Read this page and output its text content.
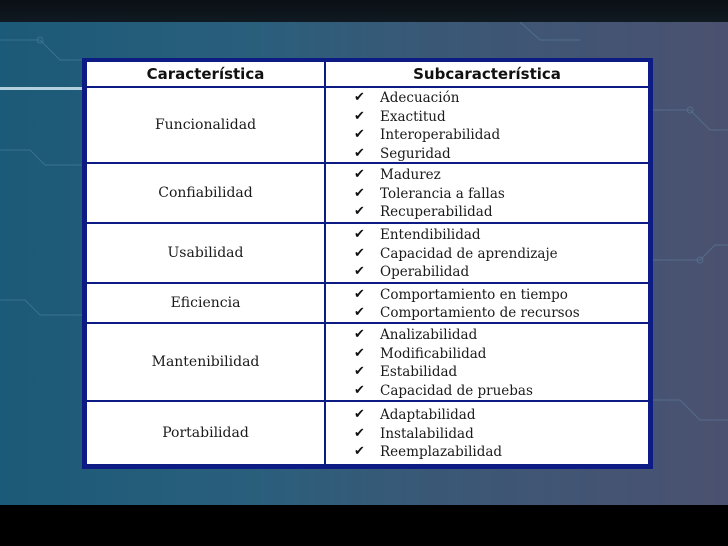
Característica	Subcaracterística
Funcionalidad
✔	Adecuación
✔	Exactitud
✔	Interoperabilidad
✔	Seguridad
Confiabilidad
✔	Madurez
✔	Tolerancia a fallas
✔	Recuperabilidad
Usabilidad
✔	Entendibilidad
✔	Capacidad de aprendizaje
✔	Operabilidad
Eficiencia
✔	Comportamiento en tiempo
✔	Comportamiento de recursos
Mantenibilidad
✔	Analizabilidad
✔	Modificabilidad
✔	Estabilidad
✔	Capacidad de pruebas
Portabilidad
✔	Adaptabilidad
✔	Instalabilidad
✔	Reemplazabilidad
